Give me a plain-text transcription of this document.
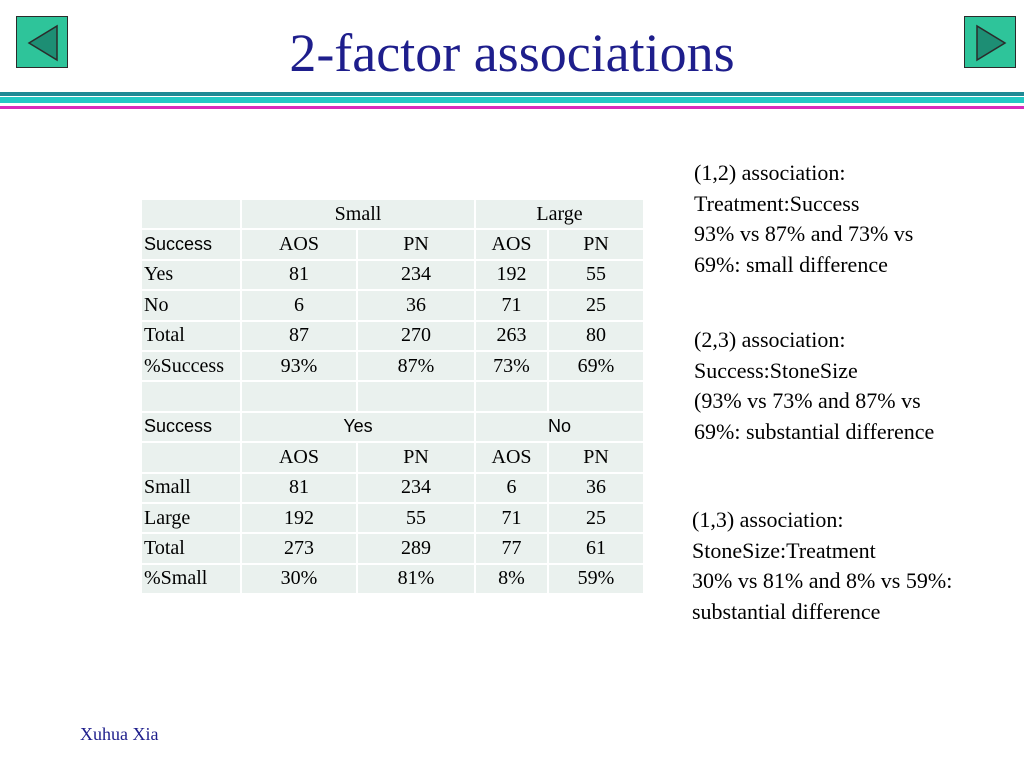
2-factor associations
	Small		Large	
Success	AOS	PN	AOS	PN
Yes	81	234	192	55
No	6	36	71	25
Total	87	270	263	80
%Success	93%	87%	73%	69%

Success	Yes		No	
	AOS	PN	AOS	PN
Small	81	234	6	36
Large	192	55	71	25
Total	273	289	77	61
%Small	30%	81%	8%	59%
(1,2) association:
Treatment:Success
93% vs 87% and 73% vs
69%: small difference
(2,3) association:
Success:StoneSize
(93% vs 73% and 87% vs
69%: substantial difference
(1,3) association:
StoneSize:Treatment
30% vs 81% and 8% vs 59%:
substantial difference
Xuhua Xia
